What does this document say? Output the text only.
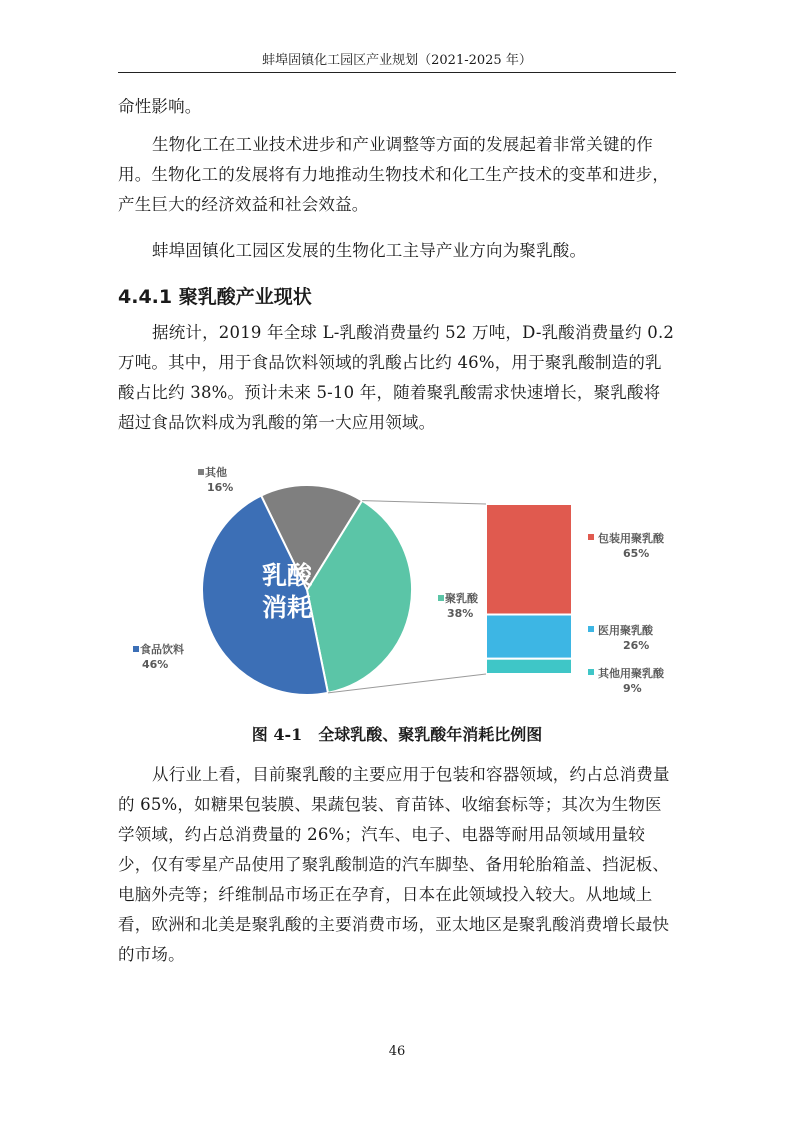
蚌埠固镇化工园区产业规划（2021-2025 年）

命性影响。

生物化工在工业技术进步和产业调整等方面的发展起着非常关键的作用。生物化工的发展将有力地推动生物技术和化工生产技术的变革和进步，产生巨大的经济效益和社会效益。

蚌埠固镇化工园区发展的生物化工主导产业方向为聚乳酸。

4.4.1 聚乳酸产业现状

据统计，2019 年全球 L-乳酸消费量约 52 万吨，D-乳酸消费量约 0.2 万吨。其中，用于食品饮料领域的乳酸占比约 46%，用于聚乳酸制造的乳酸占比约 38%。预计未来 5-10 年，随着聚乳酸需求快速增长，聚乳酸将超过食品饮料成为乳酸的第一大应用领域。

其他
16%
聚乳酸
38%
食品饮料
46%
乳酸
消耗
包装用聚乳酸
65%
医用聚乳酸
26%
其他用聚乳酸
9%

图 4-1　全球乳酸、聚乳酸年消耗比例图

从行业上看，目前聚乳酸的主要应用于包装和容器领域，约占总消费量的 65%，如糖果包装膜、果蔬包装、育苗钵、收缩套标等；其次为生物医学领域，约占总消费量的 26%；汽车、电子、电器等耐用品领域用量较少，仅有零星产品使用了聚乳酸制造的汽车脚垫、备用轮胎箱盖、挡泥板、电脑外壳等；纤维制品市场正在孕育，日本在此领域投入较大。从地域上看，欧洲和北美是聚乳酸的主要消费市场，亚太地区是聚乳酸消费增长最快的市场。

46
